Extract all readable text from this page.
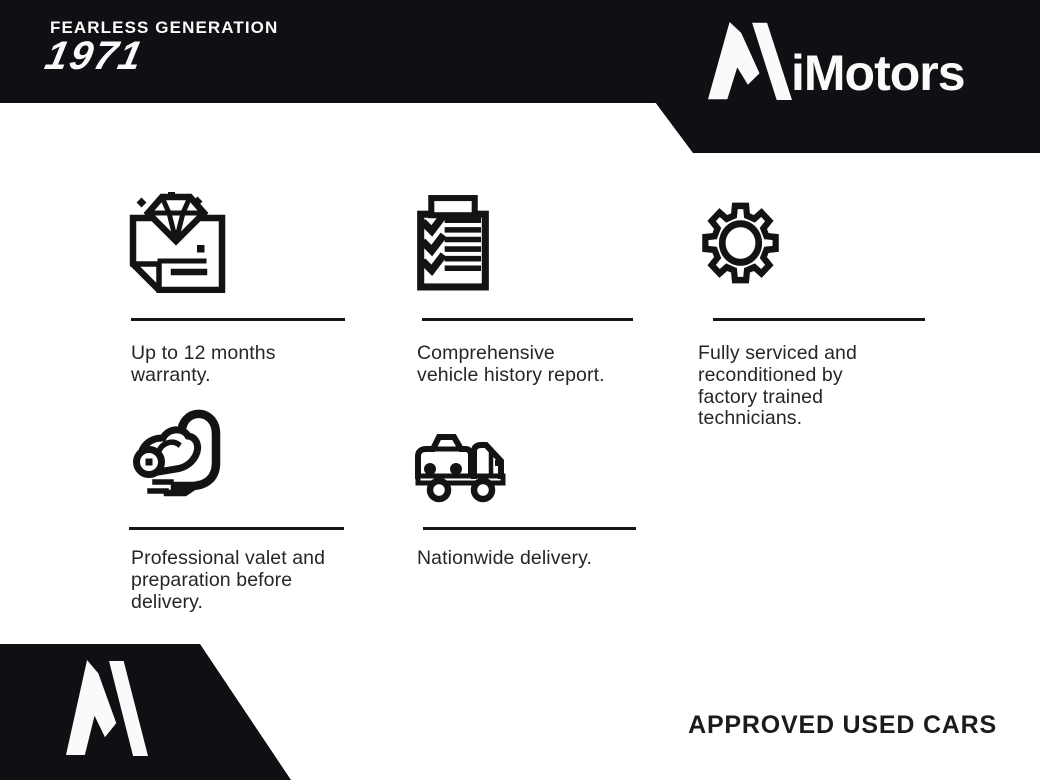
FEARLESS GENERATION
1971	iMotors
Up to 12 months
warranty.
Comprehensive
vehicle history report.
Fully serviced and
reconditioned by
factory trained
technicians.
Professional valet and
preparation before
delivery.
Nationwide delivery.
APPROVED USED CARS
